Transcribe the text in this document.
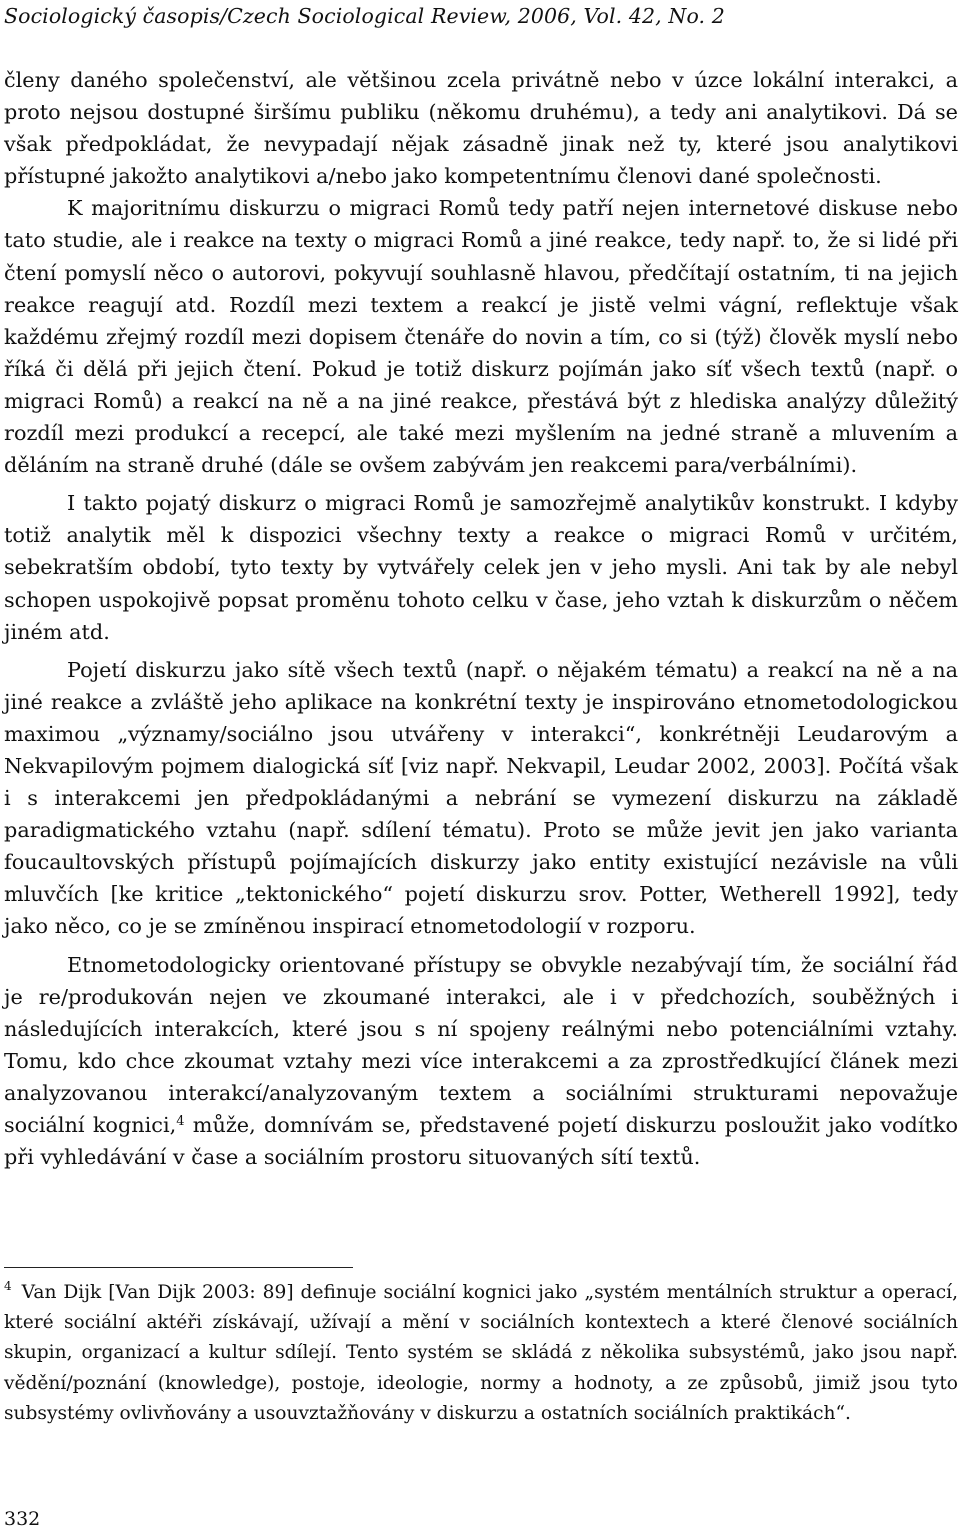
Sociologický časopis/Czech Sociological Review, 2006, Vol. 42, No. 2

členy daného společenství, ale většinou zcela privátně nebo v úzce lokální interakci, a proto nejsou dostupné širšímu publiku (někomu druhému), a tedy ani analytikovi. Dá se však předpokládat, že nevypadají nějak zásadně jinak než ty, které jsou analytikovi přístupné jakožto analytikovi a/nebo jako kompetentnímu členovi dané společnosti.

K majoritnímu diskurzu o migraci Romů tedy patří nejen internetové diskuse nebo tato studie, ale i reakce na texty o migraci Romů a jiné reakce, tedy např. to, že si lidé při čtení pomyslí něco o autorovi, pokyvují souhlasně hlavou, předčítají ostatním, ti na jejich reakce reagují atd. Rozdíl mezi textem a reakcí je jistě velmi vágní, reflektuje však každému zřejmý rozdíl mezi dopisem čtenáře do novin a tím, co si (týž) člověk myslí nebo říká či dělá při jejich čtení. Pokud je totiž diskurz pojímán jako síť všech textů (např. o migraci Romů) a reakcí na ně a na jiné reakce, přestává být z hlediska analýzy důležitý rozdíl mezi produkcí a recepcí, ale také mezi myšlením na jedné straně a mluvením a děláním na straně druhé (dále se ovšem zabývám jen reakcemi para/verbálními).

I takto pojatý diskurz o migraci Romů je samozřejmě analytikův konstrukt. I kdyby totiž analytik měl k dispozici všechny texty a reakce o migraci Romů v určitém, sebekratším období, tyto texty by vytvářely celek jen v jeho mysli. Ani tak by ale nebyl schopen uspokojivě popsat proměnu tohoto celku v čase, jeho vztah k diskurzům o něčem jiném atd.

Pojetí diskurzu jako sítě všech textů (např. o nějakém tématu) a reakcí na ně a na jiné reakce a zvláště jeho aplikace na konkrétní texty je inspirováno etnometodologickou maximou „významy/sociálno jsou utvářeny v interakci“, konkrétněji Leudarovým a Nekvapilovým pojmem dialogická síť [viz např. Nekvapil, Leudar 2002, 2003]. Počítá však i s interakcemi jen předpokládanými a nebrání se vymezení diskurzu na základě paradigmatického vztahu (např. sdílení tématu). Proto se může jevit jen jako varianta foucaultovských přístupů pojímajících diskurzy jako entity existující nezávisle na vůli mluvčích [ke kritice „tektonického“ pojetí diskurzu srov. Potter, Wetherell 1992], tedy jako něco, co je se zmíněnou inspirací etnometodologií v rozporu.

Etnometodologicky orientované přístupy se obvykle nezabývají tím, že sociální řád je re/produkován nejen ve zkoumané interakci, ale i v předchozích, souběžných i následujících interakcích, které jsou s ní spojeny reálnými nebo potenciálními vztahy. Tomu, kdo chce zkoumat vztahy mezi více interakcemi a za zprostředkující článek mezi analyzovanou interakcí/analyzovaným textem a sociálními strukturami nepovažuje sociální kognici,$^4$ může, domnívám se, představené pojetí diskurzu posloužit jako vodítko při vyhledávání v čase a sociálním prostoru situovaných sítí textů.

$^4$ Van Dijk [Van Dijk 2003: 89] definuje sociální kognici jako „systém mentálních struktur a operací, které sociální aktéři získávají, užívají a mění v sociálních kontextech a které členové sociálních skupin, organizací a kultur sdílejí. Tento systém se skládá z několika subsystémů, jako jsou např. vědění/poznání (knowledge), postoje, ideologie, normy a hodnoty, a ze způsobů, jimiž jsou tyto subsystémy ovlivňovány a usouvztažňovány v diskurzu a ostatních sociálních praktikách“.
332
